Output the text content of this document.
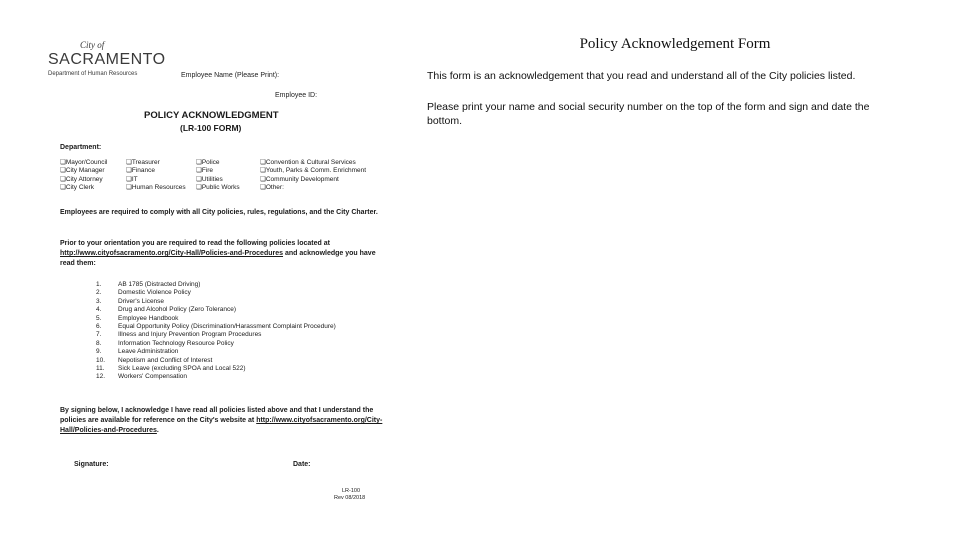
City of
SACRAMENTO
Department of Human Resources	Employee Name (Please Print):
Employee ID:
POLICY ACKNOWLEDGMENT
(LR-100 FORM)
Department:
❏Mayor/Council	❏Treasurer	❏Police	❏Convention & Cultural Services
❏City Manager	❏Finance	❏Fire	❏Youth, Parks & Comm. Enrichment
❏City Attorney	❏IT	❏Utilities	❏Community Development
❏City Clerk	❏Human Resources	❏Public Works	❏Other:
Employees are required to comply with all City policies, rules, regulations, and the City Charter.
Prior to your orientation you are required to read the following policies located at http://www.cityofsacramento.org/City-Hall/Policies-and-Procedures and acknowledge you have read them:
1.	AB 1785 (Distracted Driving)
2.	Domestic Violence Policy
3.	Driver's License
4.	Drug and Alcohol Policy (Zero Tolerance)
5.	Employee Handbook
6.	Equal Opportunity Policy (Discrimination/Harassment Complaint Procedure)
7.	Illness and Injury Prevention Program Procedures
8.	Information Technology Resource Policy
9.	Leave Administration
10.	Nepotism and Conflict of Interest
11.	Sick Leave (excluding SPOA and Local 522)
12.	Workers' Compensation
By signing below, I acknowledge I have read all policies listed above and that I understand the policies are available for reference on the City's website at http://www.cityofsacramento.org/City-Hall/Policies-and-Procedures.
Signature:	Date:
LR-100
Rev 08/2018
Policy Acknowledgement Form
This form is an acknowledgement that you read and understand all of the City policies listed.
Please print your name and social security number on the top of the form and sign and date the bottom.
